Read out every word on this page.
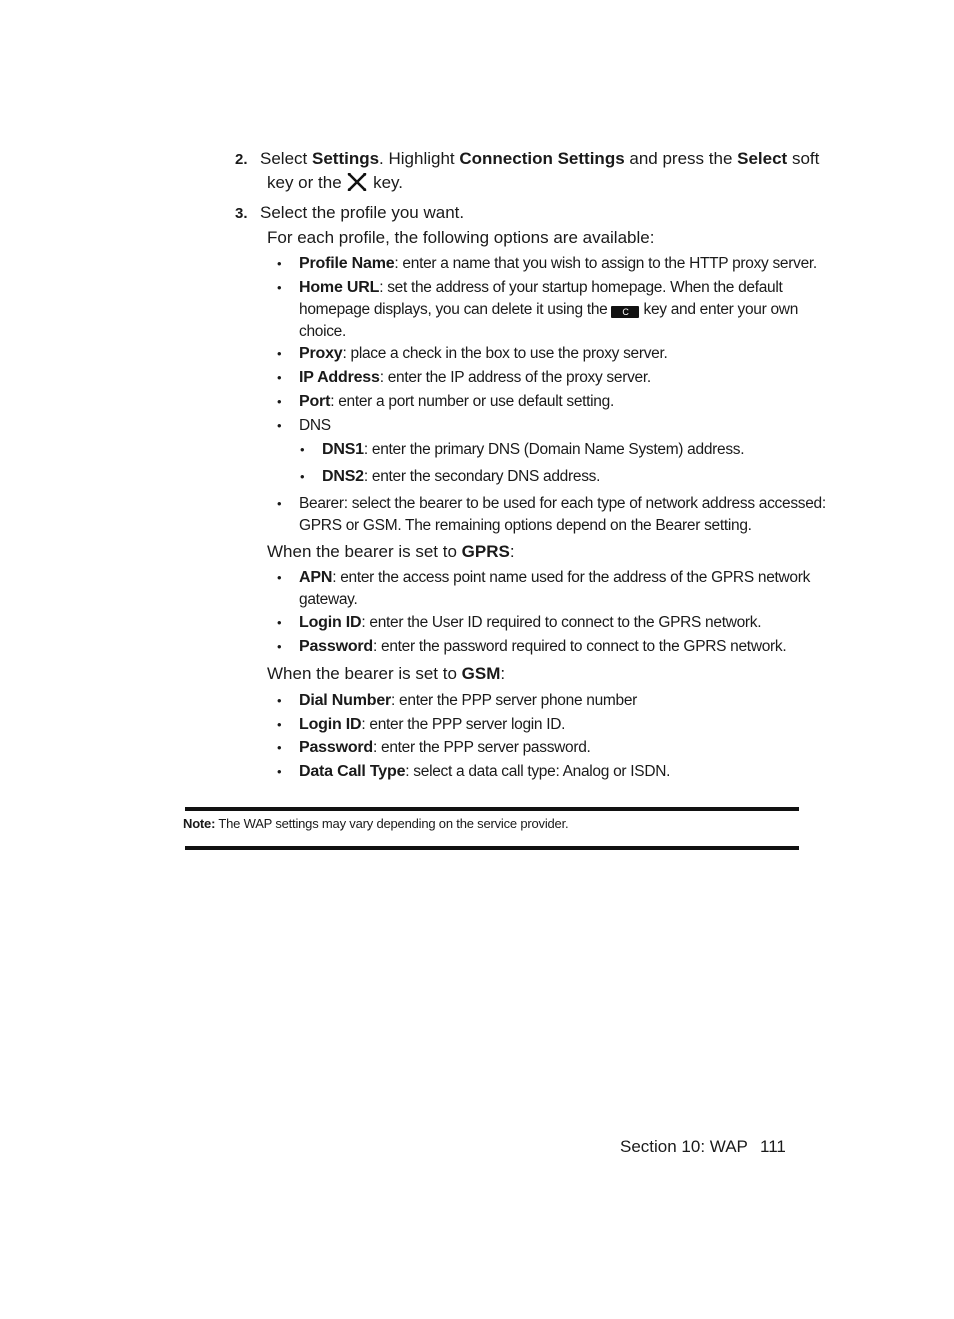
2. Select Settings. Highlight Connection Settings and press the Select soft
key or the  key.
3. Select the profile you want.
For each profile, the following options are available:
• Profile Name: enter a name that you wish to assign to the HTTP proxy server.
• Home URL: set the address of your startup homepage. When the default
homepage displays, you can delete it using the C key and enter your own
choice.
• Proxy: place a check in the box to use the proxy server.
• IP Address: enter the IP address of the proxy server.
• Port: enter a port number or use default setting.
• DNS
• DNS1: enter the primary DNS (Domain Name System) address.
• DNS2: enter the secondary DNS address.
• Bearer: select the bearer to be used for each type of network address accessed:
GPRS or GSM. The remaining options depend on the Bearer setting.
When the bearer is set to GPRS:
• APN: enter the access point name used for the address of the GPRS network
gateway.
• Login ID: enter the User ID required to connect to the GPRS network.
• Password: enter the password required to connect to the GPRS network.
When the bearer is set to GSM:
• Dial Number: enter the PPP server phone number
• Login ID: enter the PPP server login ID.
• Password: enter the PPP server password.
• Data Call Type: select a data call type: Analog or ISDN.
Note: The WAP settings may vary depending on the service provider.
Section 10: WAP 111
